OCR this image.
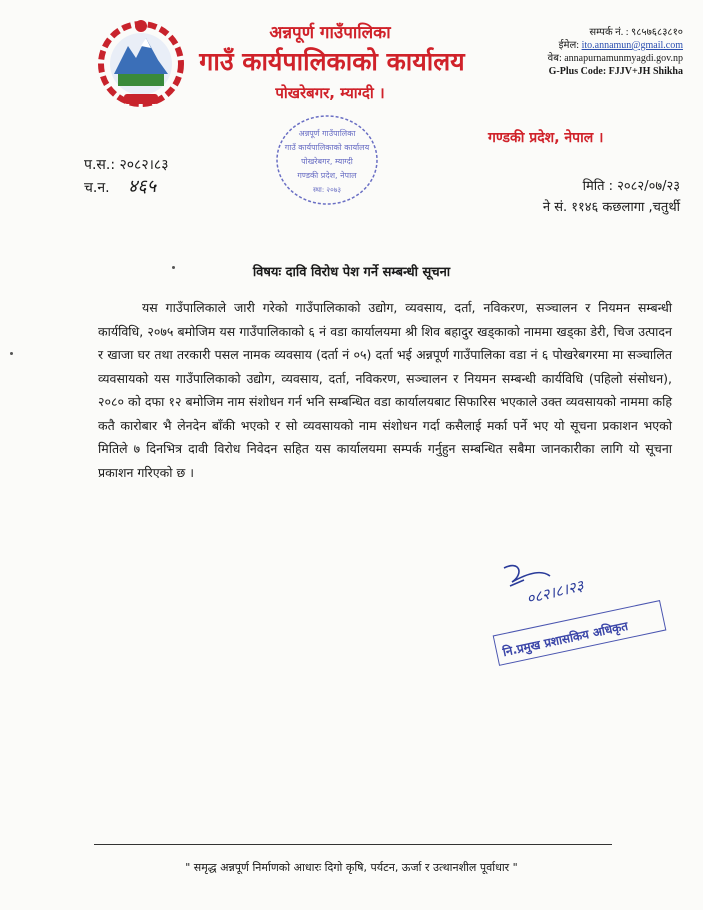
अन्नपूर्ण गाउँपालिका
गाउँ कार्यपालिकाको कार्यालय
पोखरेबगर, म्याग्दी ।
सम्पर्क नं. : ९८५७६८३८१०
ईमेल: ito.annamun@gmail.com
वेब: annapurnamunmyagdi.gov.np
G-Plus Code: FJJV+JH Shikha
गण्डकी प्रदेश, नेपाल ।
अन्नपूर्ण गाउँपालिका
गाउँ कार्यपालिकाको कार्यालय
पोखरेबगर, म्याग्दी
गण्डकी प्रदेश, नेपाल
स्था: २०७३
प.स.: २०८२।८३
च.न. ४६५	मिति : २०८२/०७/२३
ने सं. ११४६ कछलागा ,चतुर्थी
विषयः दावि विरोध पेश गर्ने सम्बन्धी सूचना
यस गाउँपालिकाले जारी गरेको गाउँपालिकाको उद्योग, व्यवसाय, दर्ता, नविकरण, सञ्चालन र नियमन सम्बन्धी कार्यविधि, २०७५ बमोजिम यस गाउँपालिकाको ६ नं वडा कार्यालयमा श्री शिव बहादुर खड्काको नाममा खड्का डेरी, चिज उत्पादन र खाजा घर तथा तरकारी पसल नामक व्यवसाय (दर्ता नं ०५) दर्ता भई अन्नपूर्ण गाउँपालिका वडा नं ६ पोखरेबगरमा मा सञ्चालित व्यवसायको यस गाउँपालिकाको उद्योग, व्यवसाय, दर्ता, नविकरण, सञ्चालन र नियमन सम्बन्धी कार्यविधि (पहिलो संसोधन), २०८० को दफा १२ बमोजिम नाम संशोधन गर्न भनि सम्बन्धित वडा कार्यालयबाट सिफारिस भएकाले उक्त व्यवसायको नाममा कहि कतै कारोबार भै लेनदेन बाँकी भएको र सो व्यवसायको नाम संशोधन गर्दा कसैलाई मर्का पर्ने भए यो सूचना प्रकाशन भएको मितिले ७ दिनभित्र दावी विरोध निवेदन सहित यस कार्यालयमा सम्पर्क गर्नुहुन सम्बन्धित सबैमा जानकारीका लागि यो सूचना प्रकाशन गरिएको छ ।
०८२।८।२३
नि.प्रमुख प्रशासकिय अधिकृत
" समृद्ध अन्नपूर्ण निर्माणको आधारः दिगो कृषि, पर्यटन, ऊर्जा र उत्थानशील पूर्वाधार "
